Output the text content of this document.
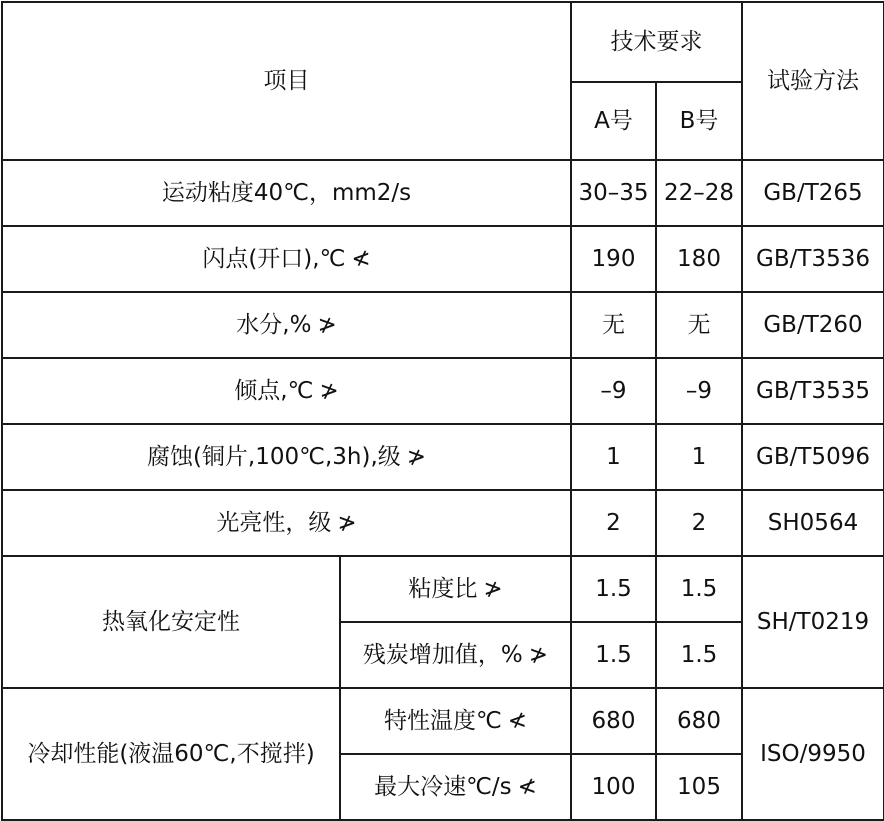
项目		技术要求		试验方法
		A号	B号	
运动粘度40℃，mm2/s		30–35	22–28	GB/T265
闪点(开口),℃ ≮		190	180	GB/T3536
水分,% ≯		无	无	GB/T260
倾点,℃ ≯		–9	–9	GB/T3535
腐蚀(铜片,100℃,3h),级 ≯		1	1	GB/T5096
光亮性，级 ≯		2	2	SH0564
热氧化安定性	粘度比 ≯	1.5	1.5	SH/T0219
	残炭增加值，% ≯	1.5	1.5	
冷却性能(液温60℃,不搅拌)	特性温度℃ ≮	680	680	ISO/9950
	最大冷速℃/s ≮	100	105	
